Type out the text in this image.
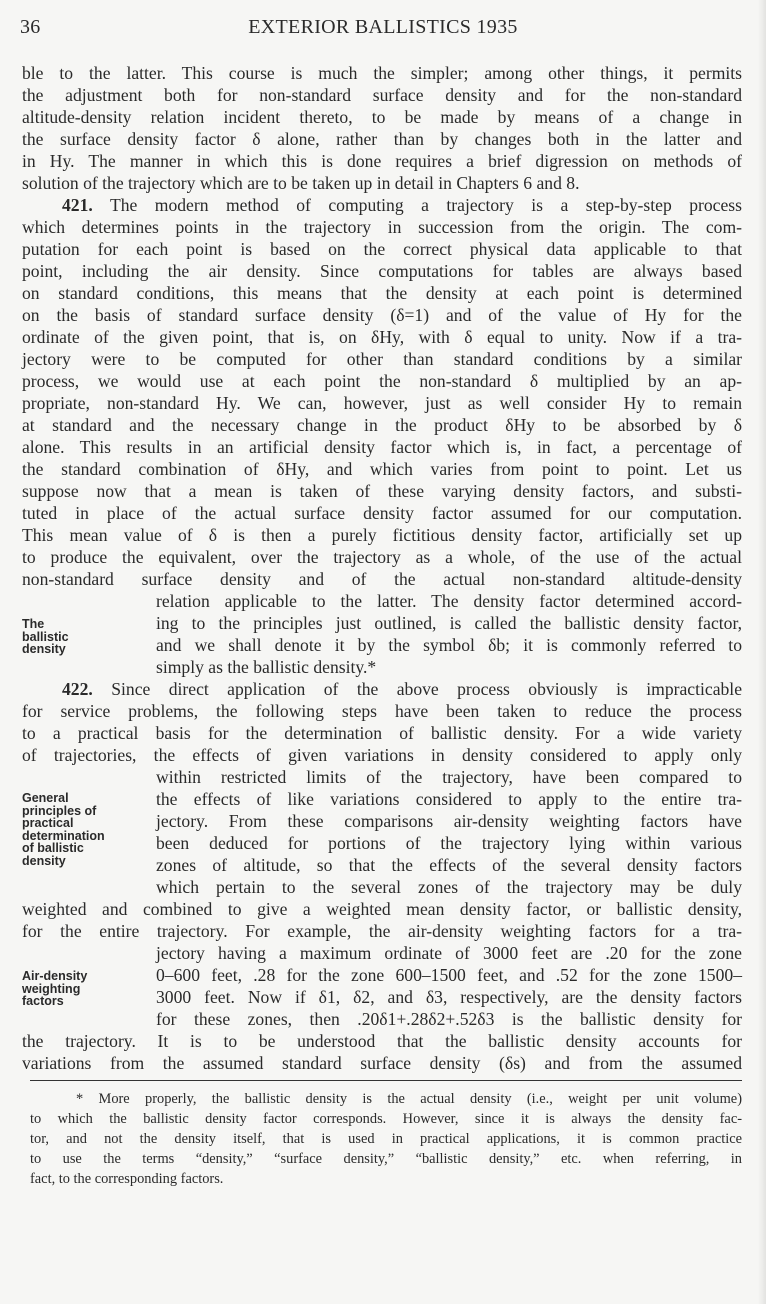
36	EXTERIOR BALLISTICS 1935
ble to the latter. This course is much the simpler; among other things, it permits
the adjustment both for non-standard surface density and for the non-standard
altitude-density relation incident thereto, to be made by means of a change in
the surface density factor δ alone, rather than by changes both in the latter and
in Hy. The manner in which this is done requires a brief digression on methods of
solution of the trajectory which are to be taken up in detail in Chapters 6 and 8.
421. The modern method of computing a trajectory is a step-by-step process
which determines points in the trajectory in succession from the origin. The com-
putation for each point is based on the correct physical data applicable to that
point, including the air density. Since computations for tables are always based
on standard conditions, this means that the density at each point is determined
on the basis of standard surface density (δ=1) and of the value of Hy for the
ordinate of the given point, that is, on δHy, with δ equal to unity. Now if a tra-
jectory were to be computed for other than standard conditions by a similar
process, we would use at each point the non-standard δ multiplied by an ap-
propriate, non-standard Hy. We can, however, just as well consider Hy to remain
at standard and the necessary change in the product δHy to be absorbed by δ
alone. This results in an artificial density factor which is, in fact, a percentage of
the standard combination of δHy, and which varies from point to point. Let us
suppose now that a mean is taken of these varying density factors, and substi-
tuted in place of the actual surface density factor assumed for our computation.
This mean value of δ is then a purely fictitious density factor, artificially set up
to produce the equivalent, over the trajectory as a whole, of the use of the actual
non-standard surface density and of the actual non-standard altitude-density
relation applicable to the latter. The density factor determined accord-
ing to the principles just outlined, is called the ballistic density factor,
and we shall denote it by the symbol δb; it is commonly referred to
simply as the ballistic density.*
The
ballistic
density
422. Since direct application of the above process obviously is impracticable
for service problems, the following steps have been taken to reduce the process
to a practical basis for the determination of ballistic density. For a wide variety
of trajectories, the effects of given variations in density considered to apply only
within restricted limits of the trajectory, have been compared to
the effects of like variations considered to apply to the entire tra-
jectory. From these comparisons air-density weighting factors have
been deduced for portions of the trajectory lying within various
zones of altitude, so that the effects of the several density factors
which pertain to the several zones of the trajectory may be duly
General
principles of
practical
determination
of ballistic
density
weighted and combined to give a weighted mean density factor, or ballistic density,
for the entire trajectory. For example, the air-density weighting factors for a tra-
jectory having a maximum ordinate of 3000 feet are .20 for the zone
0–600 feet, .28 for the zone 600–1500 feet, and .52 for the zone 1500–
3000 feet. Now if δ1, δ2, and δ3, respectively, are the density factors
for these zones, then .20δ1+.28δ2+.52δ3 is the ballistic density for
Air-density
weighting
factors
the trajectory. It is to be understood that the ballistic density accounts for
variations from the assumed standard surface density (δs) and from the assumed
* More properly, the ballistic density is the actual density (i.e., weight per unit volume)
to which the ballistic density factor corresponds. However, since it is always the density fac-
tor, and not the density itself, that is used in practical applications, it is common practice
to use the terms “density,” “surface density,” “ballistic density,” etc. when referring, in
fact, to the corresponding factors.
